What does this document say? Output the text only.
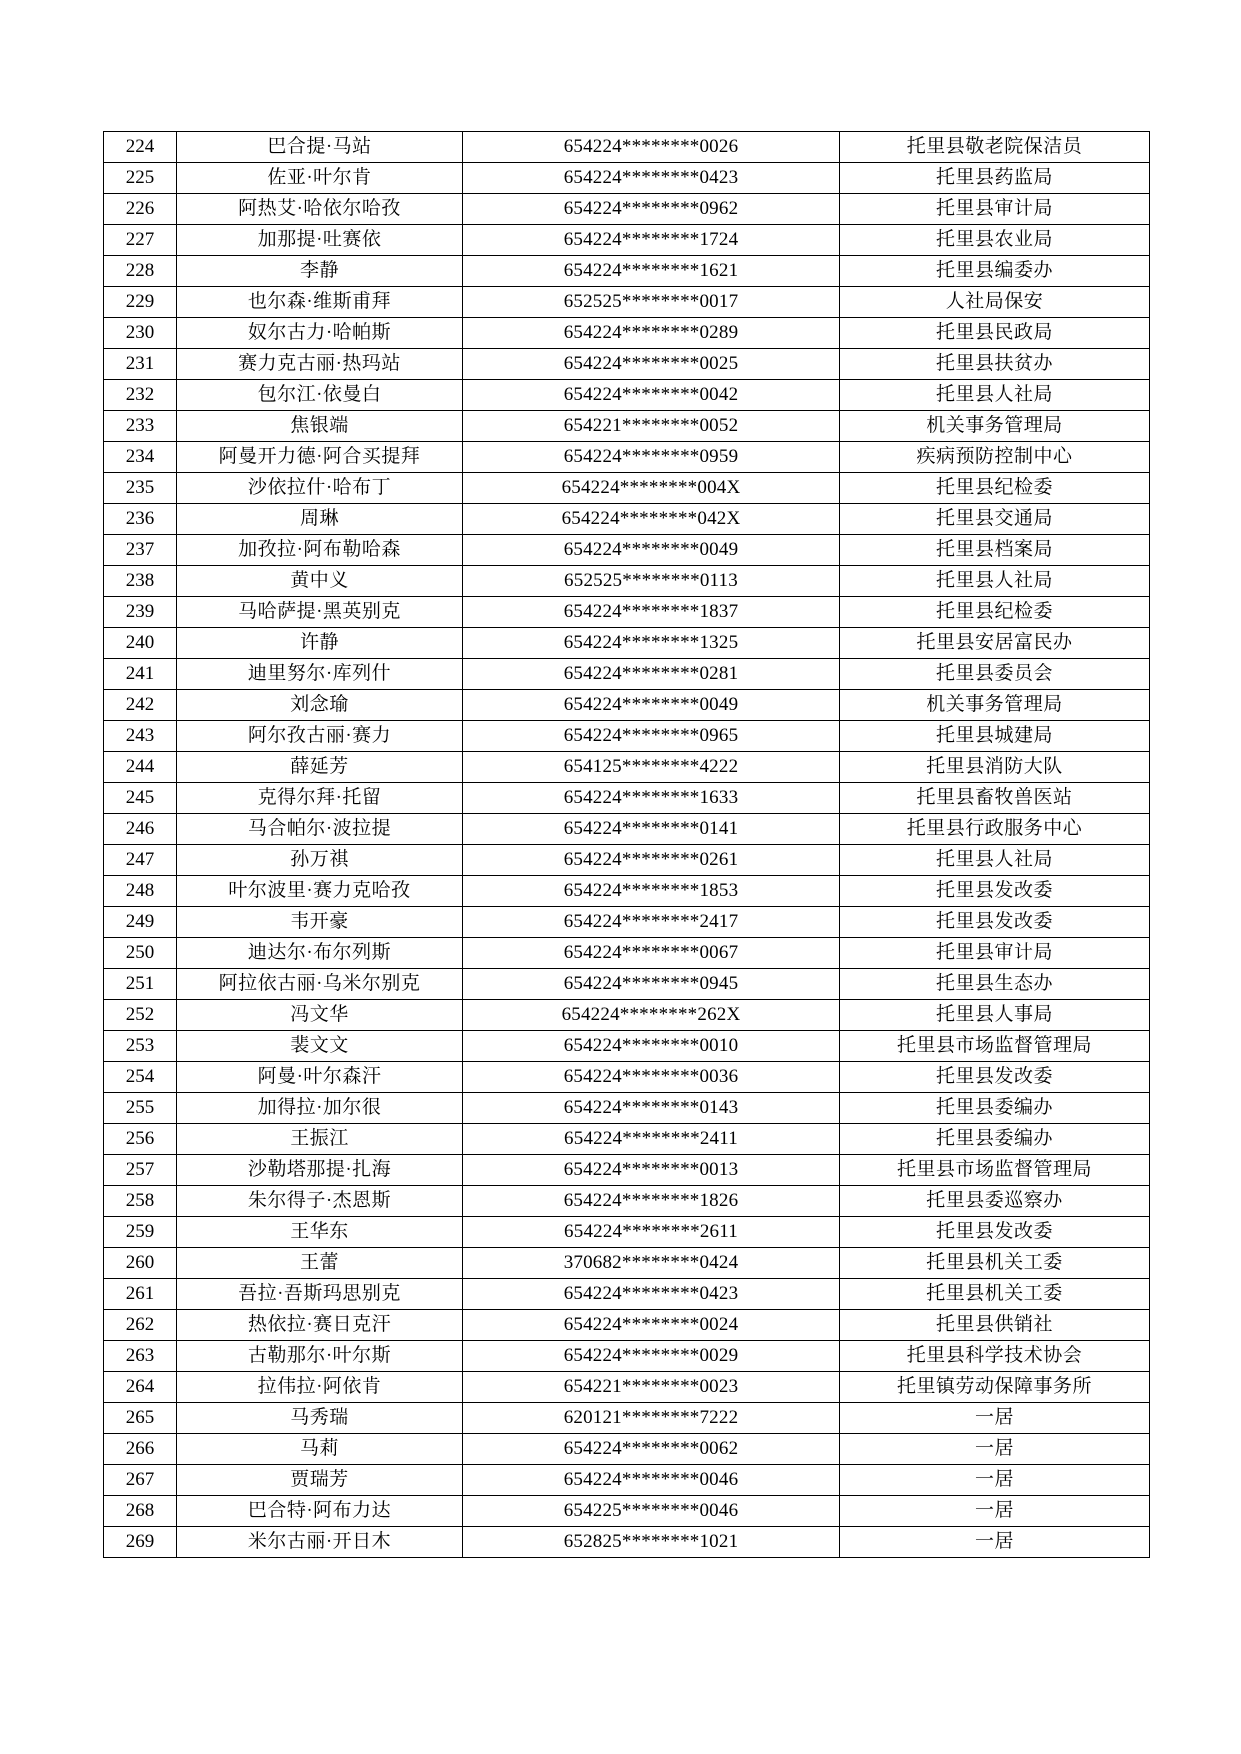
224	巴合提·马站	654224********0026	托里县敬老院保洁员
225	佐亚·叶尔肯	654224********0423	托里县药监局
226	阿热艾·哈依尔哈孜	654224********0962	托里县审计局
227	加那提·吐赛依	654224********1724	托里县农业局
228	李静	654224********1621	托里县编委办
229	也尔森·维斯甫拜	652525********0017	人社局保安
230	奴尔古力·哈帕斯	654224********0289	托里县民政局
231	赛力克古丽·热玛站	654224********0025	托里县扶贫办
232	包尔江·依曼白	654224********0042	托里县人社局
233	焦银端	654221********0052	机关事务管理局
234	阿曼开力德·阿合买提拜	654224********0959	疾病预防控制中心
235	沙依拉什·哈布丁	654224********004X	托里县纪检委
236	周琳	654224********042X	托里县交通局
237	加孜拉·阿布勒哈森	654224********0049	托里县档案局
238	黄中义	652525********0113	托里县人社局
239	马哈萨提·黑英别克	654224********1837	托里县纪检委
240	许静	654224********1325	托里县安居富民办
241	迪里努尔·库列什	654224********0281	托里县委员会
242	刘念瑜	654224********0049	机关事务管理局
243	阿尔孜古丽·赛力	654224********0965	托里县城建局
244	薛延芳	654125********4222	托里县消防大队
245	克得尔拜·托留	654224********1633	托里县畜牧兽医站
246	马合帕尔·波拉提	654224********0141	托里县行政服务中心
247	孙万祺	654224********0261	托里县人社局
248	叶尔波里·赛力克哈孜	654224********1853	托里县发改委
249	韦开豪	654224********2417	托里县发改委
250	迪达尔·布尔列斯	654224********0067	托里县审计局
251	阿拉依古丽·乌米尔别克	654224********0945	托里县生态办
252	冯文华	654224********262X	托里县人事局
253	裴文文	654224********0010	托里县市场监督管理局
254	阿曼·叶尔森汗	654224********0036	托里县发改委
255	加得拉·加尔很	654224********0143	托里县委编办
256	王振江	654224********2411	托里县委编办
257	沙勒塔那提·扎海	654224********0013	托里县市场监督管理局
258	朱尔得子·杰恩斯	654224********1826	托里县委巡察办
259	王华东	654224********2611	托里县发改委
260	王蕾	370682********0424	托里县机关工委
261	吾拉·吾斯玛思别克	654224********0423	托里县机关工委
262	热依拉·赛日克汗	654224********0024	托里县供销社
263	古勒那尔·叶尔斯	654224********0029	托里县科学技术协会
264	拉伟拉·阿依肯	654221********0023	托里镇劳动保障事务所
265	马秀瑞	620121********7222	一居
266	马莉	654224********0062	一居
267	贾瑞芳	654224********0046	一居
268	巴合特·阿布力达	654225********0046	一居
269	米尔古丽·开日木	652825********1021	一居
